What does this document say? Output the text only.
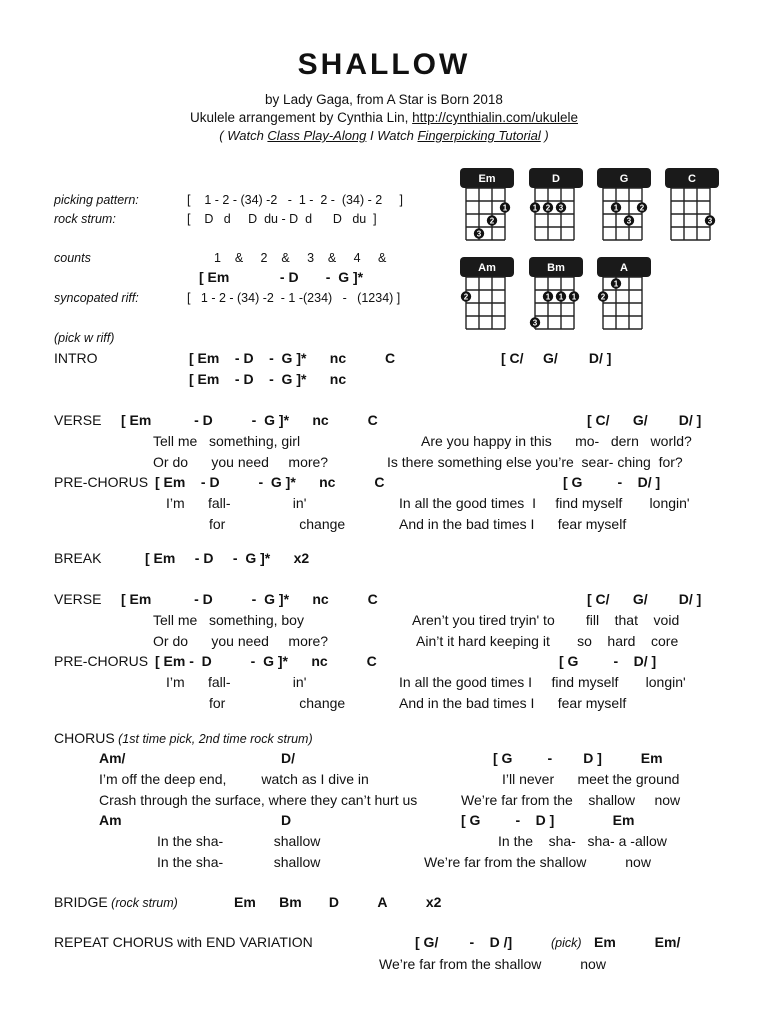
SHALLOW
by Lady Gaga, from A Star is Born 2018
Ukulele arrangement by Cynthia Lin, http://cynthialin.com/ukulele
( Watch Class Play-Along I Watch Fingerpicking Tutorial )
Em
1
2
3
D
1 2 3
G
1	2
3
C
3
Am
2
Bm
1 1 1
3
A
1
2
picking pattern:	[    1 - 2 - (34) -2   -  1 -  2 -  (34) - 2     ]
rock strum:	[    D   d     D  du - D  d      D   du  ]
counts	1    &     2    &     3    &     4     &
[ Em             - D       -  G ]*
syncopated riff:	[   1 - 2 - (34) -2  - 1 -(234)   -   (1234) ]
(pick w riff)
INTRO	[ Em    - D    -  G ]*      nc          C	[ C/     G/        D/ ]
[ Em    - D    -  G ]*      nc
VERSE [ Em           - D          -  G ]*      nc          C	[ C/      G/        D/ ]
Tell me   something, girl	Are you happy in this      mo-   dern   world?
Or do      you need     more?	Is there something else you’re  sear- ching  for?
PRE-CHORUS [ Em    - D          -  G ]*      nc          C	[ G         -    D/ ]
I’m      fall-                in'	In all the good times  I     find myself       longin'
for                   change	And in the bad times I      fear myself
BREAK	[ Em     - D     -  G ]*      x2
VERSE [ Em           - D          -  G ]*      nc          C	[ C/      G/        D/ ]
Tell me   something, boy	Aren’t you tired tryin' to        fill    that    void
Or do      you need     more?	Ain’t it hard keeping it       so    hard    core
PRE-CHORUS [ Em -  D          -  G ]*      nc          C	[ G         -    D/ ]
I’m      fall-                in'	In all the good times I     find myself       longin'
for                   change	And in the bad times I      fear myself
CHORUS (1st time pick, 2nd time rock strum)
Am/	D/	[ G         -        D ]          Em
I’m off the deep end,         watch as I dive in	I’ll never      meet the ground
Crash through the surface, where they can’t hurt us	We’re far from the    shallow     now
Am	D	[ G         -    D ]               Em
In the sha-             shallow	In the    sha-   sha- a -allow
In the sha-             shallow	We’re far from the shallow          now
BRIDGE (rock strum)	Em      Bm       D          A          x2
REPEAT CHORUS with END VARIATION	[ G/        -    D /]	(pick) Em          Em/
We’re far from the shallow          now
